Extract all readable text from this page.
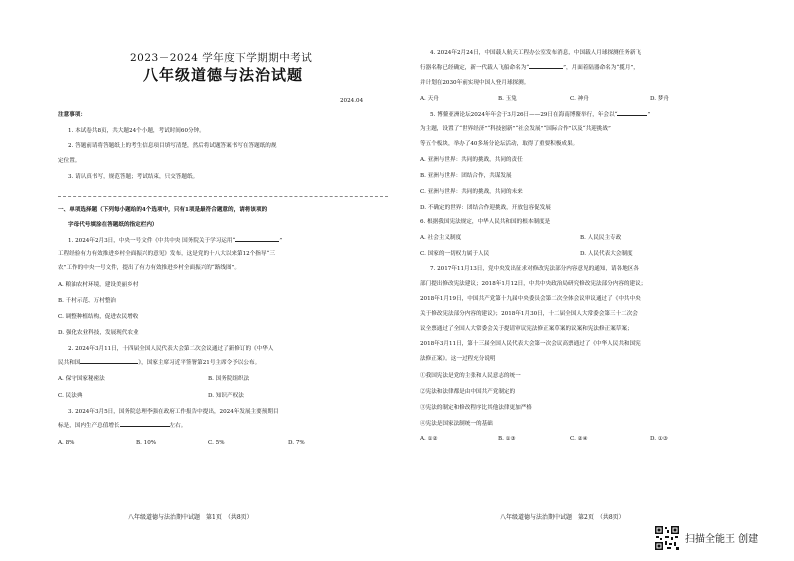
2023－2024 学年度下学期期中考试
八年级道德与法治试题
2024.04
注意事项：
1. 本试卷共8页，共大题24个小题，考试时间60分钟。
2. 答题前请将答题纸上的考生信息项目填写清楚，然后将试题答案书写在答题纸的规
定位置。
3. 请认真书写，规范答题；考试结束，只交答题纸。
一、单项选择题（下列每小题给的4个选项中，只有1项是最符合题意的，请将该项的
字母代号填涂在答题纸的指定栏内）
1. 2024年2月3日，中央一号文件《中共中央 国务院关于学习运用“	”
工程经验有力有效推进乡村全面振兴的意见》发布，这是党的十八大以来第12个指导“三
农”工作的中央一号文件，提出了有力有效推进乡村全面振兴的“路线图”。
A. 粮油农村环境，建设美丽乡村
B. 千村示范、万村整治
C. 调整种植结构，促进农民增收
D. 强化农业科技，发展现代农业
2. 2024年3月11日，十四届全国人民代表大会第二次会议通过了新修订的《中华人
民共和国	》，国家主席习近平签署第21号主席令予以公布。
A. 保守国家秘密法	B. 国务院组织法
C. 民法典	D. 知识产权法
3. 2024年3月5日，国务院总理李强在政府工作报告中提出，2024年发展主要预期目
标是，国内生产总值增长	左右。
A. 8%	B. 10%	C. 5%	D. 7%
八年级道德与法治期中试题　第1页　（共8页）
4. 2024年2月24日，中国载人航天工程办公室发布消息，中国载人月球探测任务新飞
行器名称已经确定，新一代载人飞船命名为“	”，月面着陆器命名为“揽月”，
并计划在2030年前实现中国人登月球探测。
A. 天舟	B. 玉兔	C. 神舟	D. 梦舟
5. 博鳌亚洲论坛2024年年会于3月26日——29日在海南博鳌举行，年会以“	”
为主题，设置了“世界经济”“科技创新”“社会发展”“国际合作”以及“共迎挑战”
等五个板块，举办了40多场分论坛活动，取得了重要积极成果。
A. 亚洲与世界：共同的挑战，共同的责任
B. 亚洲与世界：团结合作，共谋发展
C. 亚洲与世界：共同的挑战，共同的未来
D. 不确定的世界：团结合作迎挑战，开放包容促发展
6. 根据我国宪法规定，中华人民共和国的根本制度是
A. 社会主义制度	B. 人民民主专政
C. 国家的一切权力属于人民	D. 人民代表大会制度
7. 2017年11月13日，党中央发出征求对修改宪法部分内容意见的通知，请各地区各
部门提出修改宪法建议；2018年1月12日，中共中央政治局研究修改宪法部分内容的建议；
2018年1月19日，中国共产党第十九届中央委员会第二次全体会议审议通过了《中共中央
关于修改宪法部分内容的建议》；2018年1月30日，十二届全国人大常委会第三十二次会
议全票通过了全国人大常委会关于提请审议宪法修正案草案的议案和宪法修正案草案；
2018年3月11日，第十三届全国人民代表大会第一次会议高票通过了《中华人民共和国宪
法修正案》。这一过程充分说明
①我国宪法是党的主张和人民意志的统一
②宪法和法律都是由中国共产党制定的
③宪法的制定和修改程序比其他法律更加严格
④宪法是国家法制统一的基础
A. ①②	B. ①③	C. ②④	D. ①③
八年级道德与法治期中试题　第2页　（共8页）
扫描全能王 创建
